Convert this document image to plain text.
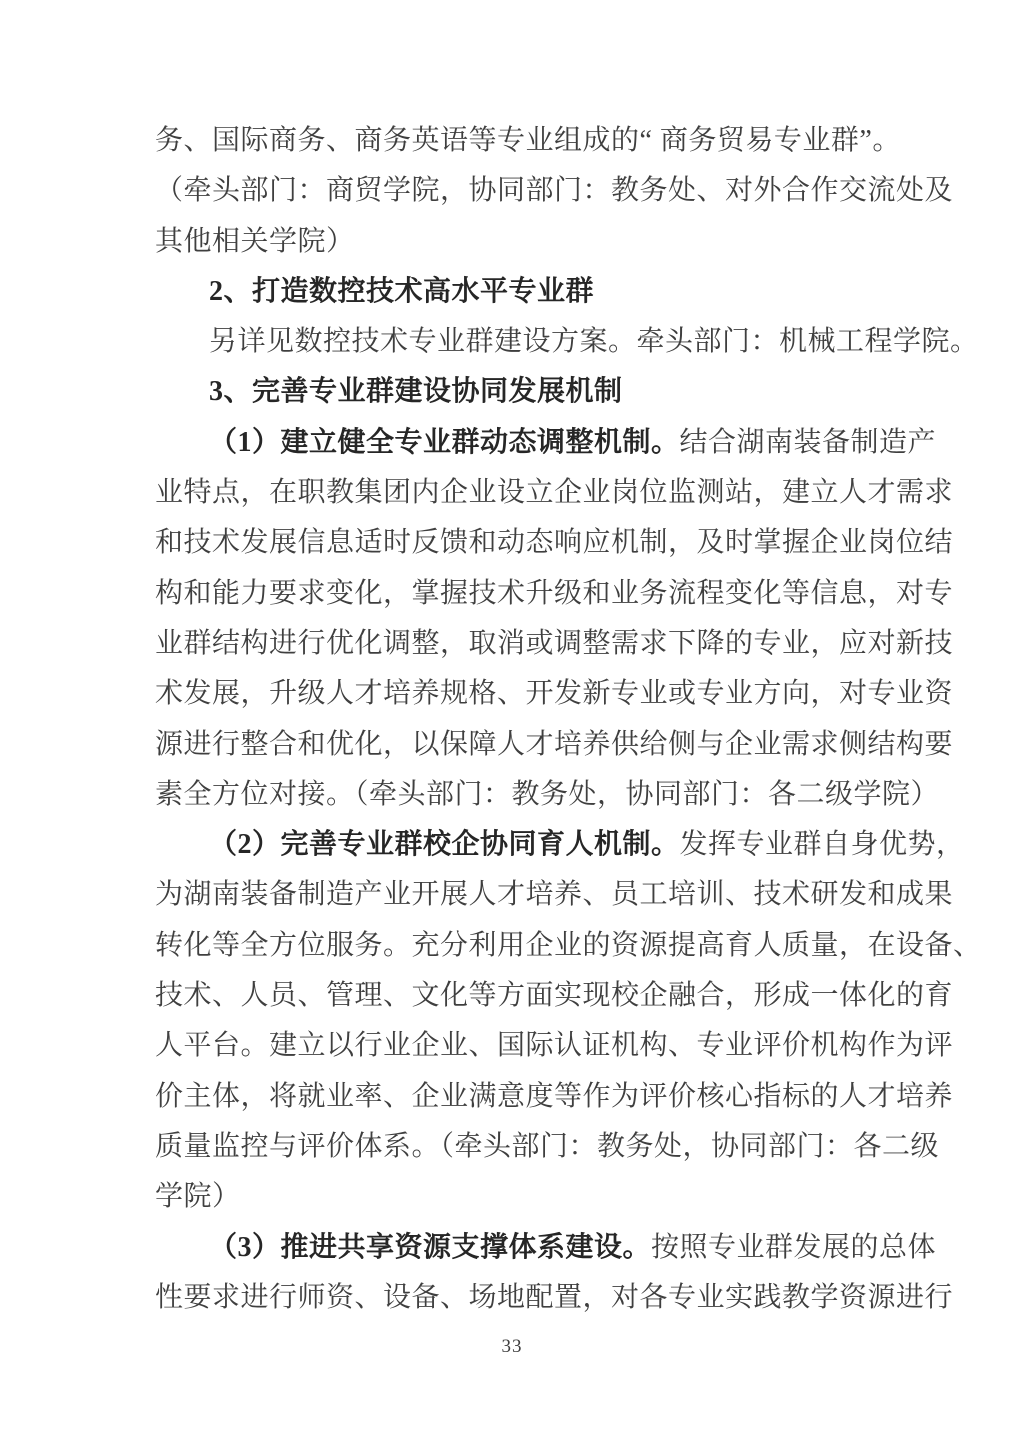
务、国际商务、商务英语等专业组成的“ 商务贸易专业群”。
（牵头部门：商贸学院，协同部门：教务处、对外合作交流处及
其他相关学院）
2、打造数控技术高水平专业群
另详见数控技术专业群建设方案。牵头部门：机械工程学院。
3、完善专业群建设协同发展机制
（1）建立健全专业群动态调整机制。结合湖南装备制造产
业特点，在职教集团内企业设立企业岗位监测站，建立人才需求
和技术发展信息适时反馈和动态响应机制，及时掌握企业岗位结
构和能力要求变化，掌握技术升级和业务流程变化等信息，对专
业群结构进行优化调整，取消或调整需求下降的专业，应对新技
术发展，升级人才培养规格、开发新专业或专业方向，对专业资
源进行整合和优化，以保障人才培养供给侧与企业需求侧结构要
素全方位对接。（牵头部门：教务处，协同部门：各二级学院）
（2）完善专业群校企协同育人机制。发挥专业群自身优势，
为湖南装备制造产业开展人才培养、员工培训、技术研发和成果
转化等全方位服务。充分利用企业的资源提高育人质量，在设备、
技术、人员、管理、文化等方面实现校企融合，形成一体化的育
人平台。建立以行业企业、国际认证机构、专业评价机构作为评
价主体，将就业率、企业满意度等作为评价核心指标的人才培养
质量监控与评价体系。（牵头部门：教务处，协同部门：各二级
学院）
（3）推进共享资源支撑体系建设。按照专业群发展的总体
性要求进行师资、设备、场地配置，对各专业实践教学资源进行
33
